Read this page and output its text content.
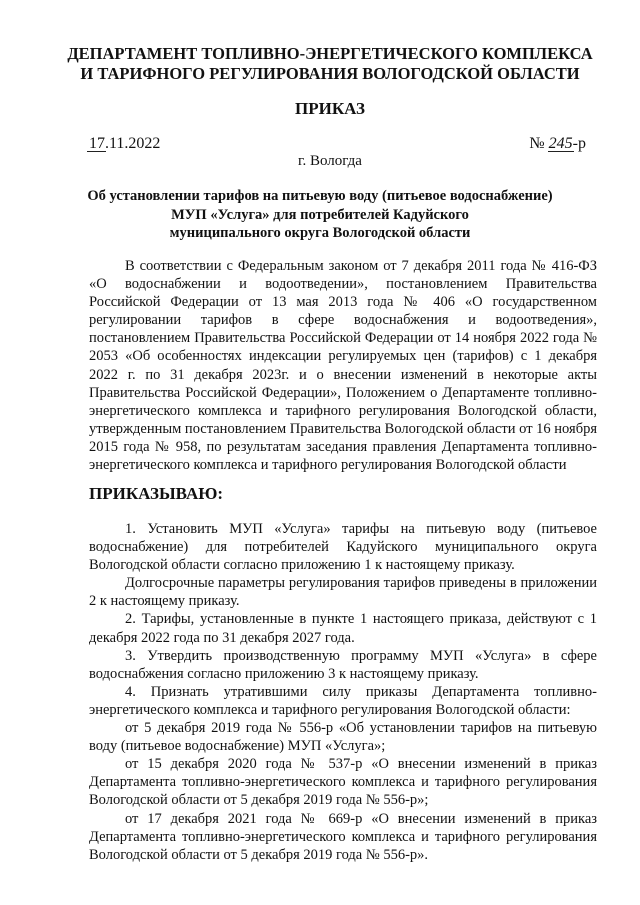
ДЕПАРТАМЕНТ ТОПЛИВНО-ЭНЕРГЕТИЧЕСКОГО КОМПЛЕКСА
И ТАРИФНОГО РЕГУЛИРОВАНИЯ ВОЛОГОДСКОЙ ОБЛАСТИ
ПРИКАЗ
17.11.2022	№ 245-р
г. Вологда
Об установлении тарифов на питьевую воду (питьевое водоснабжение)
МУП «Услуга» для потребителей Кадуйского
муниципального округа Вологодской области

В соответствии с Федеральным законом от 7 декабря 2011 года № 416-ФЗ «О водоснабжении и водоотведении», постановлением Правительства Российской Федерации от 13 мая 2013 года № 406 «О государственном регулировании тарифов в сфере водоснабжения и водоотведения», постановлением Правительства Российской Федерации от 14 ноября 2022 года № 2053 «Об особенностях индексации регулируемых цен (тарифов) с 1 декабря 2022 г. по 31 декабря 2023г. и о внесении изменений в некоторые акты Правительства Российской Федерации», Положением о Департаменте топливно-энергетического комплекса и тарифного регулирования Вологодской области, утвержденным постановлением Правительства Вологодской области от 16 ноября 2015 года № 958, по результатам заседания правления Департамента топливно-энергетического комплекса и тарифного регулирования Вологодской области

ПРИКАЗЫВАЮ:

1. Установить МУП «Услуга» тарифы на питьевую воду (питьевое водоснабжение) для потребителей Кадуйского муниципального округа Вологодской области согласно приложению 1 к настоящему приказу.

Долгосрочные параметры регулирования тарифов приведены в приложении 2 к настоящему приказу.

2. Тарифы, установленные в пункте 1 настоящего приказа, действуют с 1 декабря 2022 года по 31 декабря 2027 года.

3. Утвердить производственную программу МУП «Услуга» в сфере водоснабжения согласно приложению 3 к настоящему приказу.

4. Признать утратившими силу приказы Департамента топливно-энергетического комплекса и тарифного регулирования Вологодской области:

от 5 декабря 2019 года № 556-р «Об установлении тарифов на питьевую воду (питьевое водоснабжение) МУП «Услуга»;

от 15 декабря 2020 года № 537-р «О внесении изменений в приказ Департамента топливно-энергетического комплекса и тарифного регулирования Вологодской области от 5 декабря 2019 года № 556-р»;

от 17 декабря 2021 года № 669-р «О внесении изменений в приказ Департамента топливно-энергетического комплекса и тарифного регулирования Вологодской области от 5 декабря 2019 года № 556-р».
